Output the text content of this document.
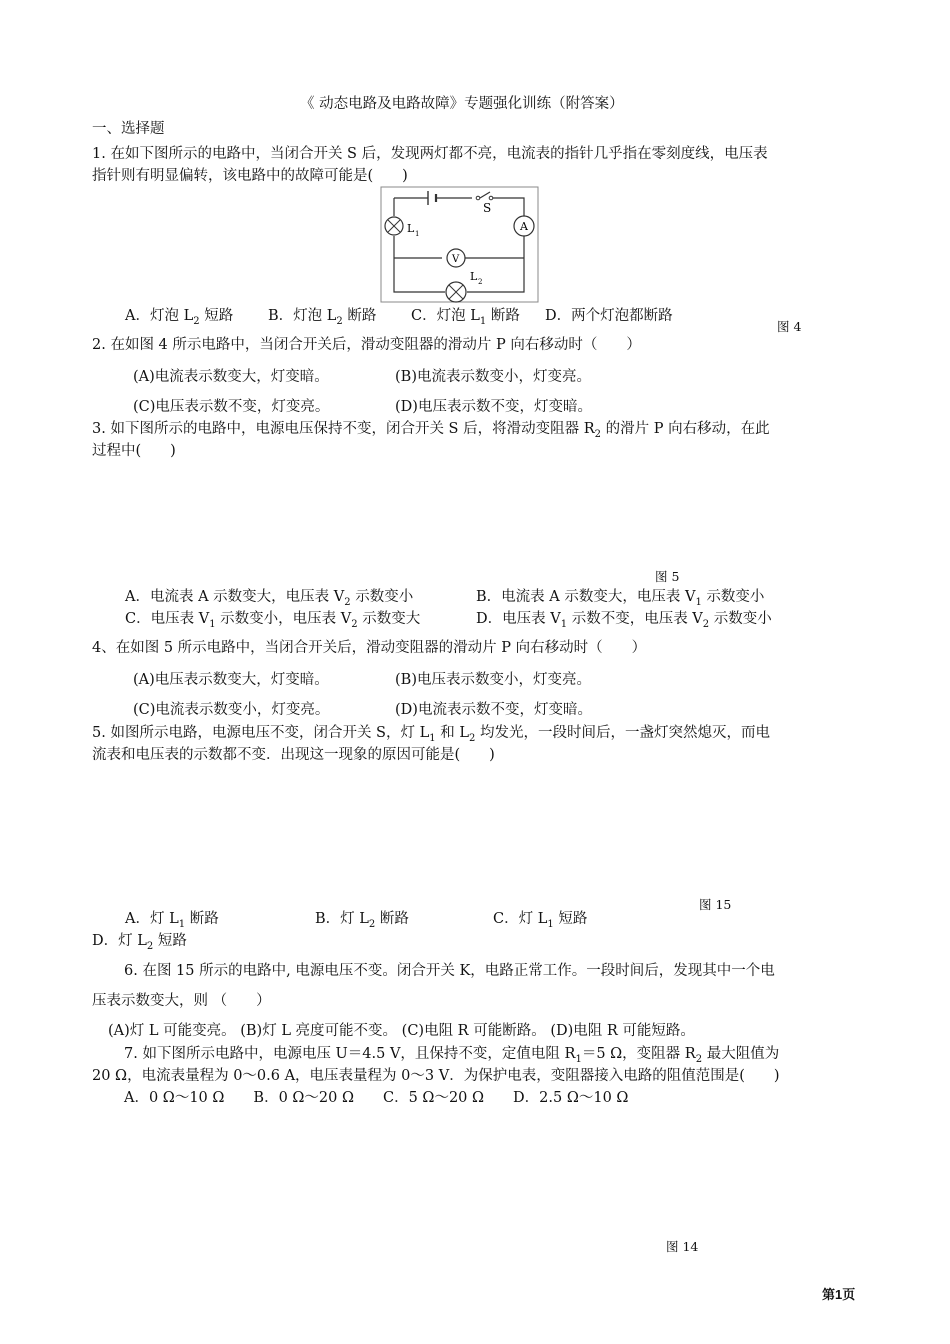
《 动态电路及电路故障》专题强化训练（附答案）
一、选择题
1. 在如下图所示的电路中，当闭合开关 S 后，发现两灯都不亮，电流表的指针几乎指在零刻度线，电压表
指针则有明显偏转，该电路中的故障可能是(　　)
S
A
V
L 1
L 2
A．灯泡 $L_2$ 短路 B．灯泡 $L_2$ 断路 C．灯泡 $L_1$ 断路 D．两个灯泡都断路
图 4
2. 在如图 4 所示电路中，当闭合开关后，滑动变阻器的滑动片 P 向右移动时（　　）
(A)电流表示数变大，灯变暗。	(B)电流表示数变小，灯变亮。
(C)电压表示数不变，灯变亮。	(D)电压表示数不变，灯变暗。
3. 如下图所示的电路中，电源电压保持不变，闭合开关 S 后，将滑动变阻器 $R_2$ 的滑片 P 向右移动，在此
过程中(　　)
图 5
A．电流表 A 示数变大，电压表 $V_2$ 示数变小	B．电流表 A 示数变大，电压表 $V_1$ 示数变小
C．电压表 $V_1$ 示数变小，电压表 $V_2$ 示数变大	D．电压表 $V_1$ 示数不变，电压表 $V_2$ 示数变小
4、在如图 5 所示电路中，当闭合开关后，滑动变阻器的滑动片 P 向右移动时（　　）
(A)电压表示数变大，灯变暗。	(B)电压表示数变小，灯变亮。
(C)电流表示数变小，灯变亮。	(D)电流表示数不变，灯变暗。
5. 如图所示电路，电源电压不变，闭合开关 S，灯 $L_1$ 和 $L_2$ 均发光，一段时间后，一盏灯突然熄灭，而电
流表和电压表的示数都不变．出现这一现象的原因可能是(　　)
图 15
A．灯 $L_1$ 断路	B．灯 $L_2$ 断路	C．灯 $L_1$ 短路
D．灯 $L_2$ 短路
6. 在图 15 所示的电路中, 电源电压不变。闭合开关 K，电路正常工作。一段时间后，发现其中一个电
压表示数变大，则 （　　）
(A)灯 L 可能变亮。 (B)灯 L 亮度可能不变。 (C)电阻 R 可能断路。 (D)电阻 R 可能短路。
7. 如下图所示电路中，电源电压 U＝4.5 V，且保持不变，定值电阻 $R_1=5$ Ω，变阻器 $R_2$ 最大阻值为
20 Ω，电流表量程为 0～0.6 A，电压表量程为 0～3 V．为保护电表，变阻器接入电路的阻值范围是(　　)
A．0 Ω～10 Ω　　B．0 Ω～20 Ω　　C．5 Ω～20 Ω　　D．2.5 Ω～10 Ω
图 14
第1页
